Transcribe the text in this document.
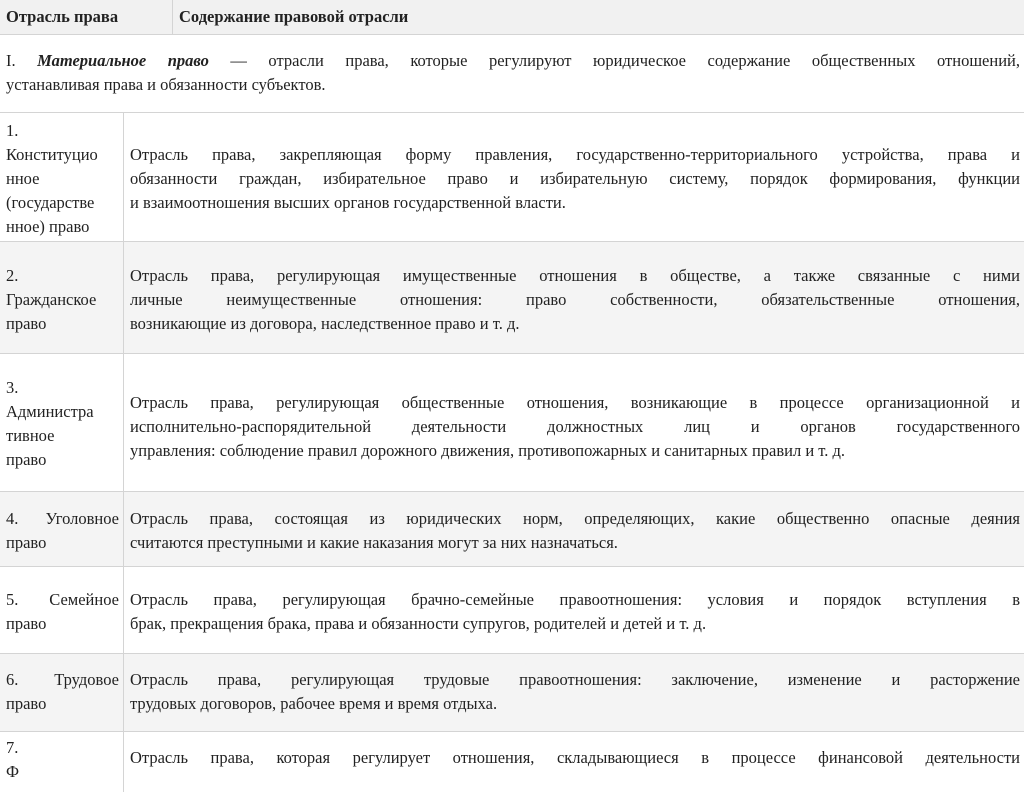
Отрасль права	Содержание правовой отрасли
I. Материальное право — отрасли права, которые регулируют юридическое содержание общественных отношений,
устанавливая права и обязанности субъектов.
1.
Конституцио
нное
(государстве
нное) право
Отрасль права, закрепляющая форму правления, государственно-территориального устройства, права и
обязанности граждан, избирательное право и избирательную систему, порядок формирования, функции
и взаимоотношения высших органов государственной власти.
2.
Гражданское
право
Отрасль права, регулирующая имущественные отношения в обществе, а также связанные с ними
личные неимущественные отношения: право собственности, обязательственные отношения,
возникающие из договора, наследственное право и т. д.
3.
Администра
тивное
право
Отрасль права, регулирующая общественные отношения, возникающие в процессе организационной и
исполнительно-распорядительной деятельности должностных лиц и органов государственного
управления: соблюдение правил дорожного движения, противопожарных и санитарных правил и т. д.
4. Уголовное
право
Отрасль права, состоящая из юридических норм, определяющих, какие общественно опасные деяния
считаются преступными и какие наказания могут за них назначаться.
5. Семейное
право
Отрасль права, регулирующая брачно-семейные правоотношения: условия и порядок вступления в
брак, прекращения брака, права и обязанности супругов, родителей и детей и т. д.
6. Трудовое
право
Отрасль права, регулирующая трудовые правоотношения: заключение, изменение и расторжение
трудовых договоров, рабочее время и время отдыха.
7.
Ф
Отрасль права, которая регулирует отношения, складывающиеся в процессе финансовой деятельности
